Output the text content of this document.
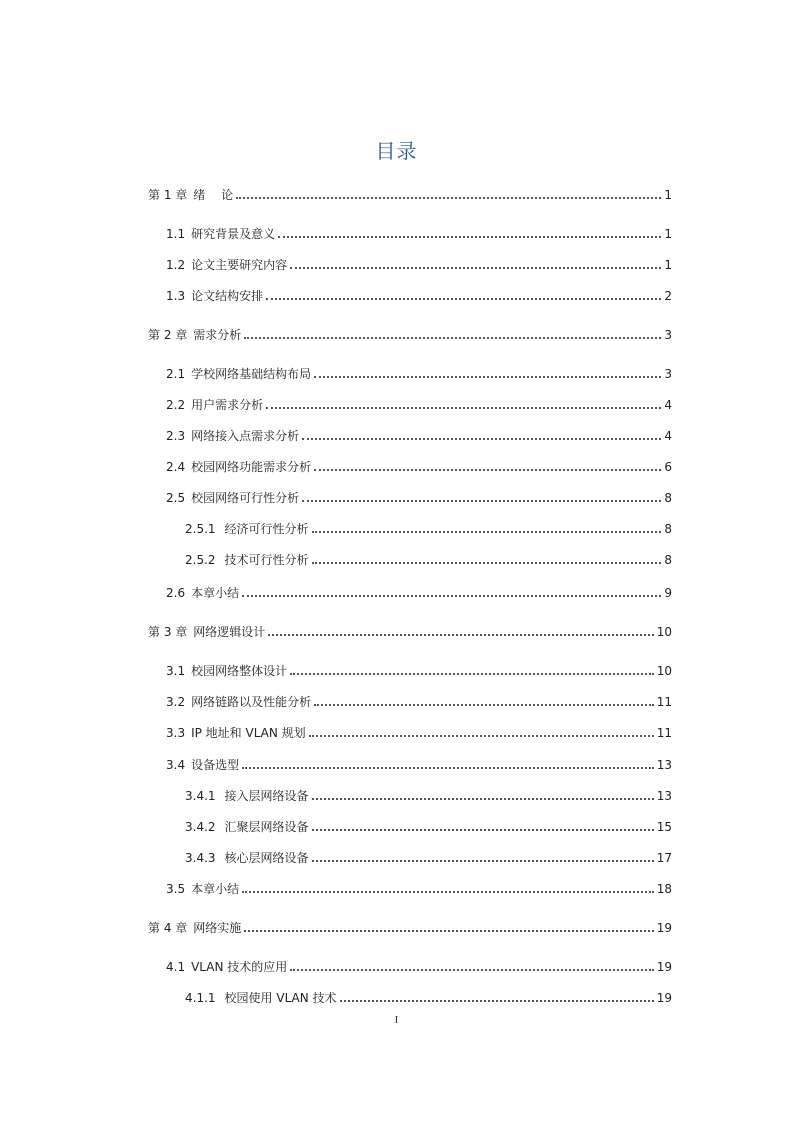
目录
第 1 章 绪　 论	1
1.1 研究背景及意义	1
1.2 论文主要研究内容	1
1.3 论文结构安排	2
第 2 章 需求分析	3
2.1 学校网络基础结构布局	3
2.2 用户需求分析	4
2.3 网络接入点需求分析	4
2.4 校园网络功能需求分析	6
2.5 校园网络可行性分析	8
2.5.1 经济可行性分析	8
2.5.2 技术可行性分析	8
2.6 本章小结	9
第 3 章 网络逻辑设计	10
3.1 校园网络整体设计	10
3.2 网络链路以及性能分析	11
3.3 IP 地址和 VLAN 规划	11
3.4 设备选型	13
3.4.1 接入层网络设备	13
3.4.2 汇聚层网络设备	15
3.4.3 核心层网络设备	17
3.5 本章小结	18
第 4 章 网络实施	19
4.1 VLAN 技术的应用	19
4.1.1 校园使用 VLAN 技术	19
I
